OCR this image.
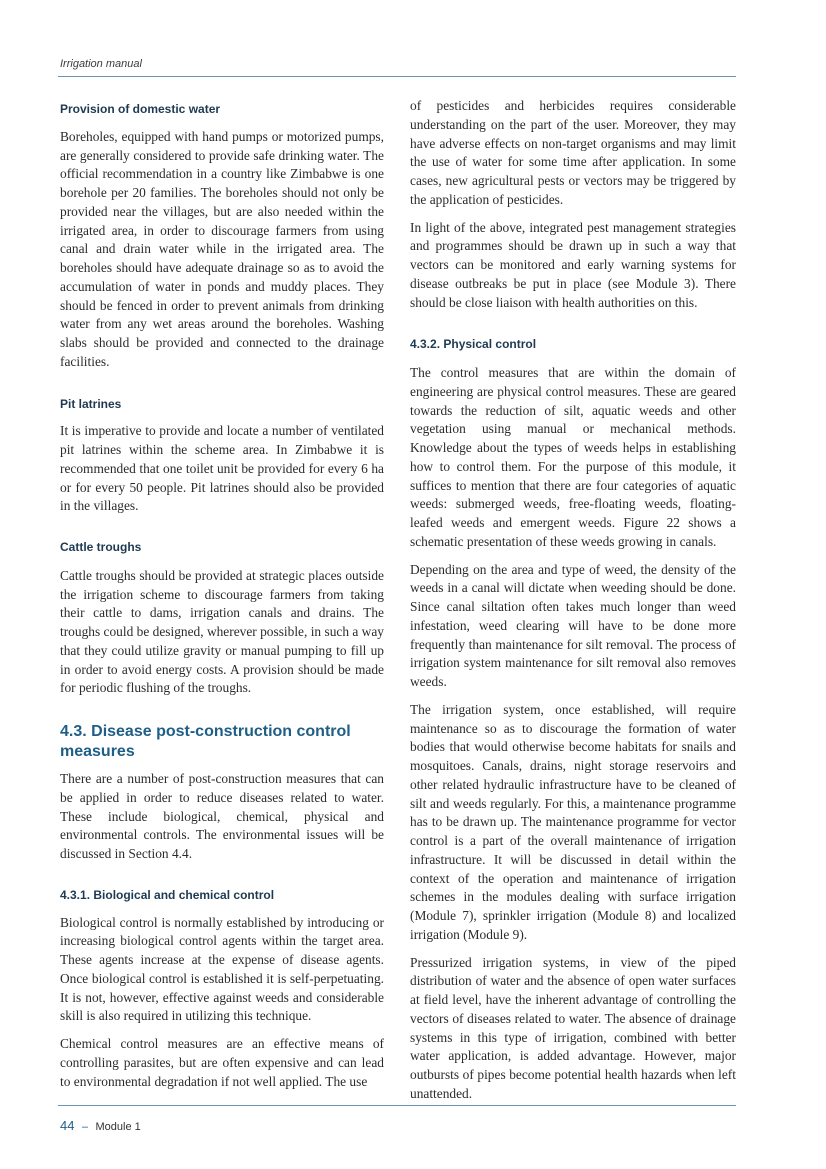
Irrigation manual
Provision of domestic water

Boreholes, equipped with hand pumps or motorized pumps, are generally considered to provide safe drinking water. The official recommendation in a country like Zimbabwe is one borehole per 20 families. The boreholes should not only be provided near the villages, but are also needed within the irrigated area, in order to discourage farmers from using canal and drain water while in the irrigated area. The boreholes should have adequate drainage so as to avoid the accumulation of water in ponds and muddy places. They should be fenced in order to prevent animals from drinking water from any wet areas around the boreholes. Washing slabs should be provided and connected to the drainage facilities.

Pit latrines

It is imperative to provide and locate a number of ventilated pit latrines within the scheme area. In Zimbabwe it is recommended that one toilet unit be provided for every 6 ha or for every 50 people. Pit latrines should also be provided in the villages.

Cattle troughs

Cattle troughs should be provided at strategic places outside the irrigation scheme to discourage farmers from taking their cattle to dams, irrigation canals and drains. The troughs could be designed, wherever possible, in such a way that they could utilize gravity or manual pumping to fill up in order to avoid energy costs. A provision should be made for periodic flushing of the troughs.

4.3. Disease post-construction control measures

There are a number of post-construction measures that can be applied in order to reduce diseases related to water. These include biological, chemical, physical and environmental controls. The environmental issues will be discussed in Section 4.4.

4.3.1. Biological and chemical control

Biological control is normally established by introducing or increasing biological control agents within the target area. These agents increase at the expense of disease agents. Once biological control is established it is self-perpetuating. It is not, however, effective against weeds and considerable skill is also required in utilizing this technique.

Chemical control measures are an effective means of controlling parasites, but are often expensive and can lead to environmental degradation if not well applied. The use

of pesticides and herbicides requires considerable understanding on the part of the user. Moreover, they may have adverse effects on non-target organisms and may limit the use of water for some time after application. In some cases, new agricultural pests or vectors may be triggered by the application of pesticides.

In light of the above, integrated pest management strategies and programmes should be drawn up in such a way that vectors can be monitored and early warning systems for disease outbreaks be put in place (see Module 3). There should be close liaison with health authorities on this.

4.3.2. Physical control

The control measures that are within the domain of engineering are physical control measures. These are geared towards the reduction of silt, aquatic weeds and other vegetation using manual or mechanical methods. Knowledge about the types of weeds helps in establishing how to control them. For the purpose of this module, it suffices to mention that there are four categories of aquatic weeds: submerged weeds, free-floating weeds, floating-leafed weeds and emergent weeds. Figure 22 shows a schematic presentation of these weeds growing in canals.

Depending on the area and type of weed, the density of the weeds in a canal will dictate when weeding should be done. Since canal siltation often takes much longer than weed infestation, weed clearing will have to be done more frequently than maintenance for silt removal. The process of irrigation system maintenance for silt removal also removes weeds.

The irrigation system, once established, will require maintenance so as to discourage the formation of water bodies that would otherwise become habitats for snails and mosquitoes. Canals, drains, night storage reservoirs and other related hydraulic infrastructure have to be cleaned of silt and weeds regularly. For this, a maintenance programme has to be drawn up. The maintenance programme for vector control is a part of the overall maintenance of irrigation infrastructure. It will be discussed in detail within the context of the operation and maintenance of irrigation schemes in the modules dealing with surface irrigation (Module 7), sprinkler irrigation (Module 8) and localized irrigation (Module 9).

Pressurized irrigation systems, in view of the piped distribution of water and the absence of open water surfaces at field level, have the inherent advantage of controlling the vectors of diseases related to water. The absence of drainage systems in this type of irrigation, combined with better water application, is added advantage. However, major outbursts of pipes become potential health hazards when left unattended.

44 – Module 1
